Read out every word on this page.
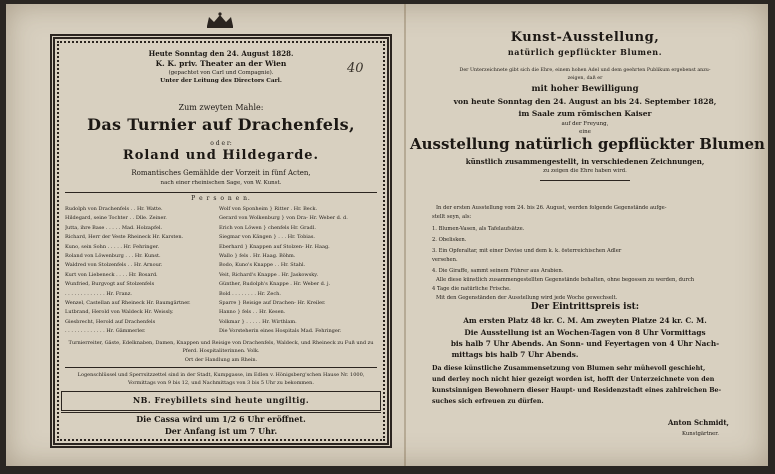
Heute Sonntag den 24. August 1828.
K. K. priv. Theater an der Wien
(gepachtet von Carl und Compagnie).
Unter der Leitung des Directors Carl.
40
Zum zweyten Mahle:
Das Turnier auf Drachenfels,
o d e r:
Roland und Hildegarde.
Romantisches Gemählde der Vorzeit in fünf Acten,
nach einer rheinischen Sage, von W. Kunst.
P e r s o n e n.
Rudolph von Drachenfels . . Hr. Watte.
Hildegard, seine Tochter . . Dlle. Zeiner.
Jutta, ihre Base . . . . . Mad. Holzapfel.
Richard, Herr der Veste Rheineck Hr. Karsten.
Kuno, sein Sohn . . . . . Hr. Fehringer.
Roland von Löwenburg . . . Hr. Kunst.
Waldred von Stolzenfels . . Hr. Arnour.
Kurt von Liebeneck . . . . Hr. Bosard.
Wunfried, Burgvogt auf Stolzenfels
. . . . . . . . . . . . . Hr. Franz.
Wenzel, Castellan auf Rheineck Hr. Baumgärtner.
Lutbrand, Herold von Waldeck Hr. Weissly.
Giesbrecht, Herold auf Drachenfels
. . . . . . . . . . . . . Hr. Gämmerler.
Wolf von Sponheim } Ritter . Hr. Beck.
Gerard von Wolkenburg } von Dra- Hr. Weber d. d.
Erich von Löwen } chenfels Hr. Gradl.
Siegmar von Kängen } . . . Hr. Tobias.
Eberhard } Knappen auf Stolzen- Hr. Haag.
Wallo } fels . Hr. Haag. Böhm.
Bodo, Kuno's Knappe . . Hr. Stahl.
Veit, Richard's Knappe . Hr. Jaskowsky.
Günther, Rudolph's Knappe . Hr. Weber d. j.
Bold . . . . . . . . Hr. Zech.
Sparre } Reisige auf Drachen- Hr. Kreiler.
Hanno } fels . . Hr. Kesen.
Volkmar } . . . . . Hr. Wirthlam.
Die Vorsteherin eines Hospitals Mad. Fehringer.
Turnierreiter, Gäste, Edelknaben, Damen, Knappen und Reisige von Drachenfels, Waldeck, und Rheineck zu Fuß und zu Pferd. Hospitaliterinnen. Volk.
Ort der Handlung am Rhein.
Logenschlüssel und Sperrsitzzettel sind in der Stadt, Kumpgasse, im Edlen v. Hönigsberg'schen Hause Nr. 1000, Vormittags von 9 bis 12, und Nachmittags von 3 bis 5 Uhr zu bekommen.
NB. Freybillets sind heute ungiltig.
Die Cassa wird um 1/2 6 Uhr eröffnet.
Der Anfang ist um 7 Uhr.
Kunst-Ausstellung,
natürlich gepflückter Blumen.
Der Unterzeichnete gibt sich die Ehre, einem hohen Adel und dem geehrten Publikum ergebenst anzu-
zeigen, daß er
mit hoher Bewilligung
von heute Sonntag den 24. August an bis 24. September 1828,
im Saale zum römischen Kaiser
auf der Freyung,
eine
Ausstellung natürlich gepflückter Blumen
künstlich zusammengestellt, in verschiedenen Zeichnungen,
zu zeigen die Ehre haben wird.
In der ersten Ausstellung vom 24. bis 26. August, werden folgende Gegenstände aufge-
stellt seyn, als:
1. Blumen-Vasen, als Tafelaufsätze.
2. Obelisken.
3. Ein Opferaltar, mit einer Devise und dem k. k. österreichischen Adler
versehen.
4. Die Giraffe, sammt seinem Führer aus Arabien.
Alle diese künstlich zusammengestellten Gegenstände behalten, ohne begossen zu werden, durch
4 Tage die natürliche Frische.
Mit den Gegenständen der Ausstellung wird jede Woche gewechselt.
Der Eintrittspreis ist:
Am ersten Platz 48 kr. C. M. Am zweyten Platze 24 kr. C. M.
Die Ausstellung ist an Wochen-Tagen von 8 Uhr Vormittags
bis halb 7 Uhr Abends. An Sonn- und Feyertagen von 4 Uhr Nach-
mittags bis halb 7 Uhr Abends.
Da diese künstliche Zusammensetzung von Blumen sehr mühevoll geschieht,
und derley noch nicht hier gezeigt worden ist, hofft der Unterzeichnete von den
kunstsinnigen Bewohnern dieser Haupt- und Residenzstadt eines zahlreichen Be-
suches sich erfreuen zu dürfen.
Anton Schmidt,
Kunstgärtner.
